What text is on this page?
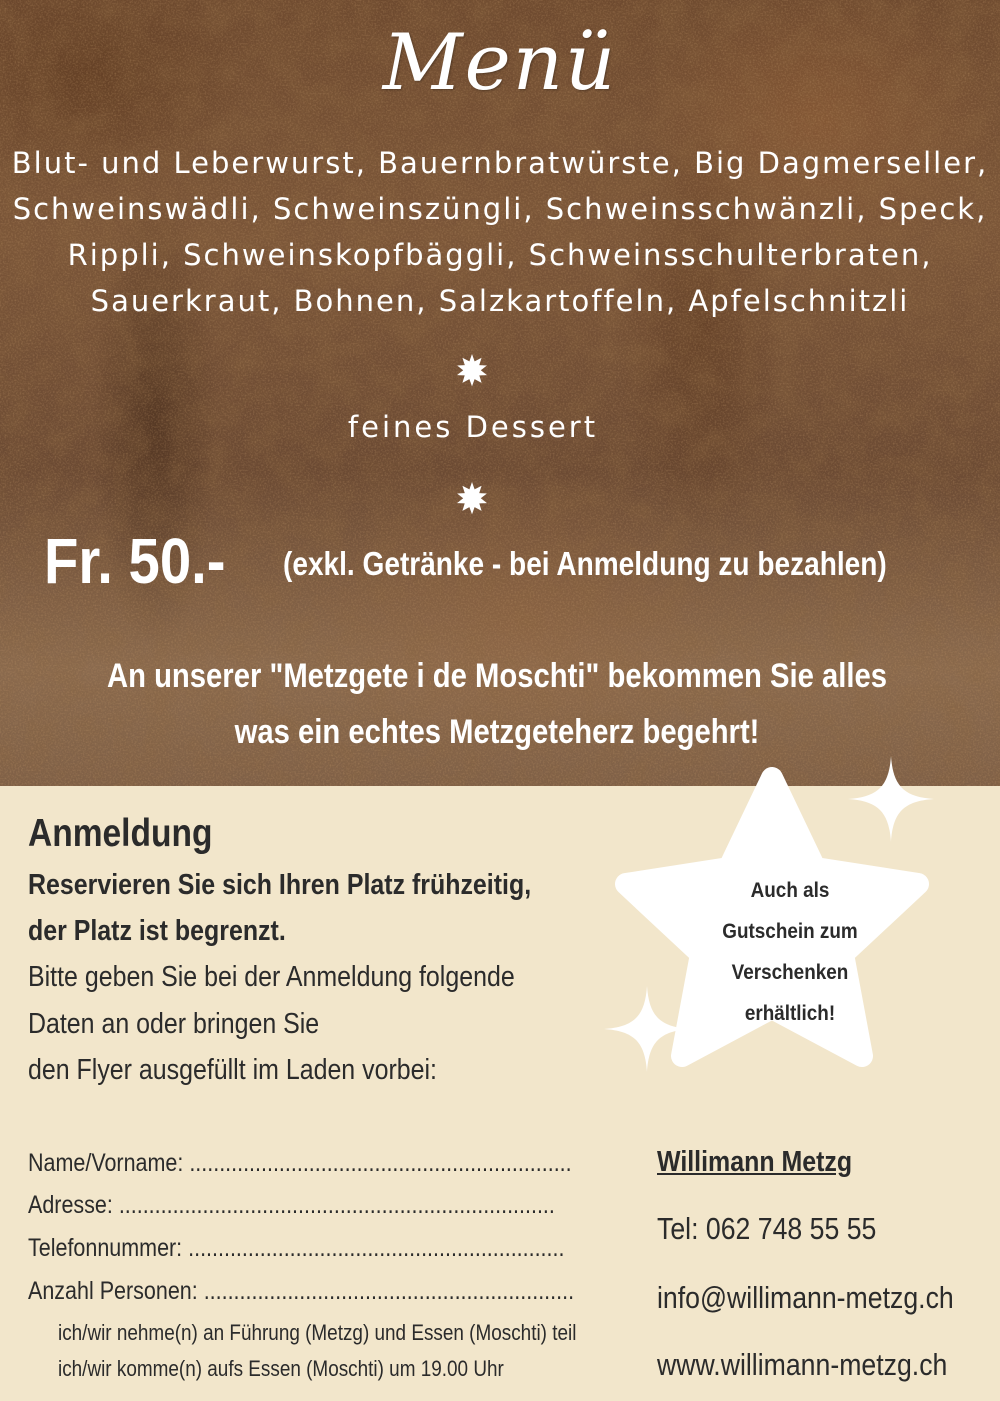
Menü
Blut- und Leberwurst, Bauernbratwürste, Big Dagmerseller,
Schweinswädli, Schweinszüngli, Schweinsschwänzli, Speck,
Rippli, Schweinskopfbäggli, Schweinsschulterbraten,
Sauerkraut, Bohnen, Salzkartoffeln, Apfelschnitzli
feines Dessert
Fr. 50.- (exkl. Getränke - bei Anmeldung zu bezahlen)
An unserer "Metzgete i de Moschti" bekommen Sie alles
was ein echtes Metzgeteherz begehrt!
Anmeldung
Reservieren Sie sich Ihren Platz frühzeitig,
der Platz ist begrenzt.
Bitte geben Sie bei der Anmeldung folgende
Daten an oder bringen Sie
den Flyer ausgefüllt im Laden vorbei:
Name/Vorname: ................................................................
Adresse: .........................................................................
Telefonnummer: ...............................................................
Anzahl Personen: ..............................................................
ich/wir nehme(n) an Führung (Metzg) und Essen (Moschti) teil
ich/wir komme(n) aufs Essen (Moschti) um 19.00 Uhr
Auch als
Gutschein zum
Verschenken
erhältlich!
Willimann Metzg
Tel: 062 748 55 55
info@willimann-metzg.ch
www.willimann-metzg.ch
